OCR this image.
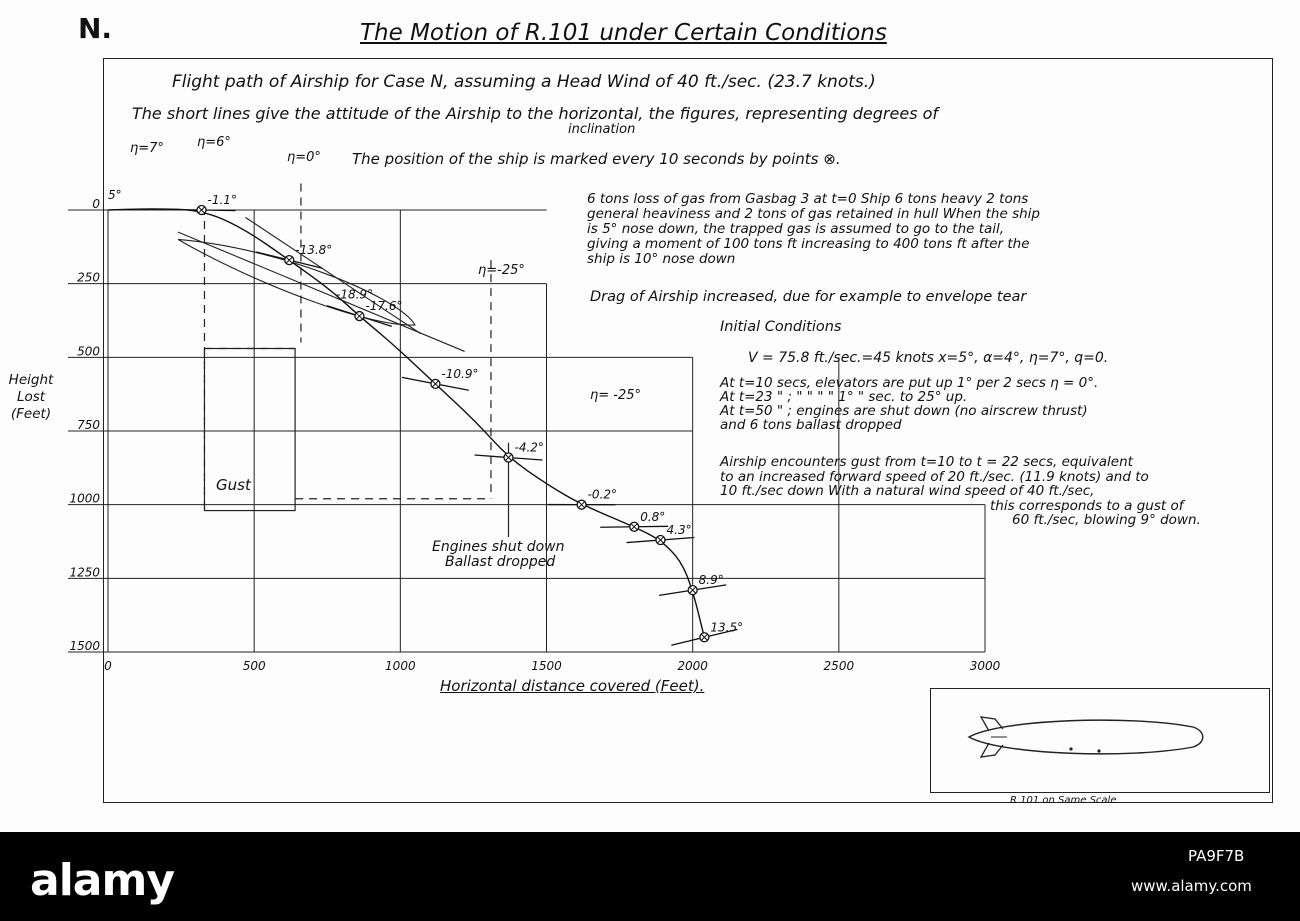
N.	The Motion of R.101 under Certain Conditions
Flight path of Airship for Case N, assuming a Head Wind of 40 ft./sec. (23.7 knots.)
The short lines give the attitude of the Airship to the horizontal, the figures, representing degrees of
inclination
The position of the ship is marked every 10 seconds by points ⊗.
η=7°	η=6°
η=0°
η=-25°
η= -25°
6 tons loss of gas from Gasbag 3 at t=0 Ship 6 tons heavy 2 tons
general heaviness and 2 tons of gas retained in hull When the ship
is 5° nose down, the trapped gas is assumed to go to the tail,
giving a moment of 100 tons ft increasing to 400 tons ft after the
ship is 10° nose down
Drag of Airship increased, due for example to envelope tear
Initial Conditions
V = 75.8 ft./sec.=45 knots x=5°, α=4°, η=7°, q=0.
At t=10 secs, elevators are put up 1° per 2 secs η = 0°.
At t=23 " ; " " " " 1° " sec. to 25° up.
At t=50 " ; engines are shut down (no airscrew thrust)
and 6 tons ballast dropped
Airship encounters gust from t=10 to t = 22 secs, equivalent
to an increased forward speed of 20 ft./sec. (11.9 knots) and to
10 ft./sec down With a natural wind speed of 40 ft./sec,
this corresponds to a gust of
60 ft./sec, blowing 9° down.
Gust
Engines shut down
Ballast dropped
5°
Height Lost (Feet)
Horizontal distance covered (Feet).
0
250
500
750
1000
1250
1500
0	500	1000	1500	2000	2500	3000
-1.1°
-13.8°
-17.6°
-10.9°
-4.2°
-0.2°
0.8°
4.3°
8.9°
13.5°
-18.9°
R 101 on Same Scale
alamy	PA9F7B
www.alamy.com
